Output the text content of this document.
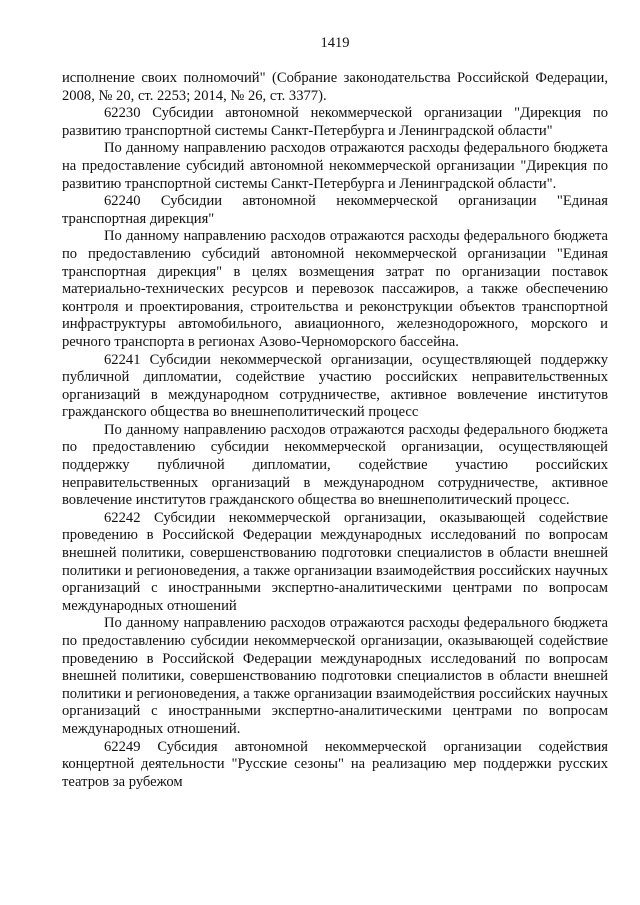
1419

исполнение своих полномочий" (Собрание законодательства Российской Федерации, 2008, № 20, ст. 2253; 2014, № 26, ст. 3377).

62230 Субсидии автономной некоммерческой организации "Дирекция по развитию транспортной системы Санкт-Петербурга и Ленинградской области"

По данному направлению расходов отражаются расходы федерального бюджета на предоставление субсидий автономной некоммерческой организации "Дирекция по развитию транспортной системы Санкт-Петербурга и Ленинградской области".

62240 Субсидии автономной некоммерческой организации "Единая транспортная дирекция"

По данному направлению расходов отражаются расходы федерального бюджета по предоставлению субсидий автономной некоммерческой организации "Единая транспортная дирекция" в целях возмещения затрат по организации поставок материально-технических ресурсов и перевозок пассажиров, а также обеспечению контроля и проектирования, строительства и реконструкции объектов транспортной инфраструктуры автомобильного, авиационного, железнодорожного, морского и речного транспорта в регионах Азово-Черноморского бассейна.

62241 Субсидии некоммерческой организации, осуществляющей поддержку публичной дипломатии, содействие участию российских неправительственных организаций в международном сотрудничестве, активное вовлечение институтов гражданского общества во внешнеполитический процесс

По данному направлению расходов отражаются расходы федерального бюджета по предоставлению субсидии некоммерческой организации, осуществляющей поддержку публичной дипломатии, содействие участию российских неправительственных организаций в международном сотрудничестве, активное вовлечение институтов гражданского общества во внешнеполитический процесс.

62242 Субсидии некоммерческой организации, оказывающей содействие проведению в Российской Федерации международных исследований по вопросам внешней политики, совершенствованию подготовки специалистов в области внешней политики и регионоведения, а также организации взаимодействия российских научных организаций с иностранными экспертно-аналитическими центрами по вопросам международных отношений

По данному направлению расходов отражаются расходы федерального бюджета по предоставлению субсидии некоммерческой организации, оказывающей содействие проведению в Российской Федерации международных исследований по вопросам внешней политики, совершенствованию подготовки специалистов в области внешней политики и регионоведения, а также организации взаимодействия российских научных организаций с иностранными экспертно-аналитическими центрами по вопросам международных отношений.

62249 Субсидия автономной некоммерческой организации содействия концертной деятельности "Русские сезоны" на реализацию мер поддержки русских театров за рубежом
